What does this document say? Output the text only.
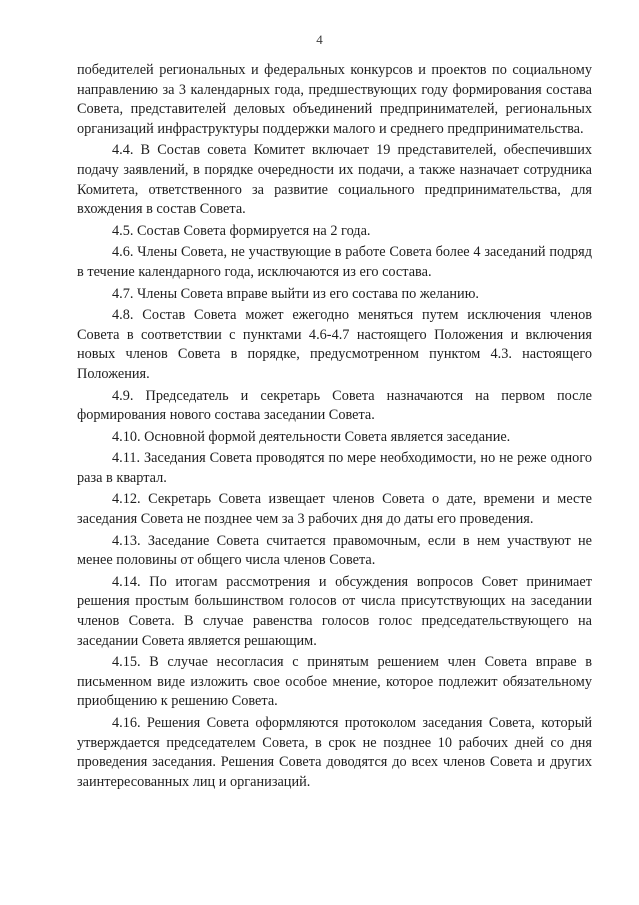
4

победителей региональных и федеральных конкурсов и проектов по социальному направлению за 3 календарных года, предшествующих году формирования состава Совета, представителей деловых объединений предпринимателей, региональных организаций инфраструктуры поддержки малого и среднего предпринимательства.

4.4. В Состав совета Комитет включает 19 представителей, обеспечивших подачу заявлений, в порядке очередности их подачи, а также назначает сотрудника Комитета, ответственного за развитие социального предпринимательства, для вхождения в состав Совета.

4.5. Состав Совета формируется на 2 года.

4.6. Члены Совета, не участвующие в работе Совета более 4 заседаний подряд в течение календарного года, исключаются из его состава.

4.7. Члены Совета вправе выйти из его состава по желанию.

4.8. Состав Совета может ежегодно меняться путем исключения членов Совета в соответствии с пунктами 4.6-4.7 настоящего Положения и включения новых членов Совета в порядке, предусмотренном пунктом 4.3. настоящего Положения.

4.9. Председатель и секретарь Совета назначаются на первом после формирования нового состава заседании Совета.

4.10. Основной формой деятельности Совета является заседание.

4.11. Заседания Совета проводятся по мере необходимости, но не реже одного раза в квартал.

4.12. Секретарь Совета извещает членов Совета о дате, времени и месте заседания Совета не позднее чем за 3 рабочих дня до даты его проведения.

4.13. Заседание Совета считается правомочным, если в нем участвуют не менее половины от общего числа членов Совета.

4.14. По итогам рассмотрения и обсуждения вопросов Совет принимает решения простым большинством голосов от числа присутствующих на заседании членов Совета. В случае равенства голосов голос председательствующего на заседании Совета является решающим.

4.15. В случае несогласия с принятым решением член Совета вправе в письменном виде изложить свое особое мнение, которое подлежит обязательному приобщению к решению Совета.

4.16. Решения Совета оформляются протоколом заседания Совета, который утверждается председателем Совета, в срок не позднее 10 рабочих дней со дня проведения заседания. Решения Совета доводятся до всех членов Совета и других заинтересованных лиц и организаций.
